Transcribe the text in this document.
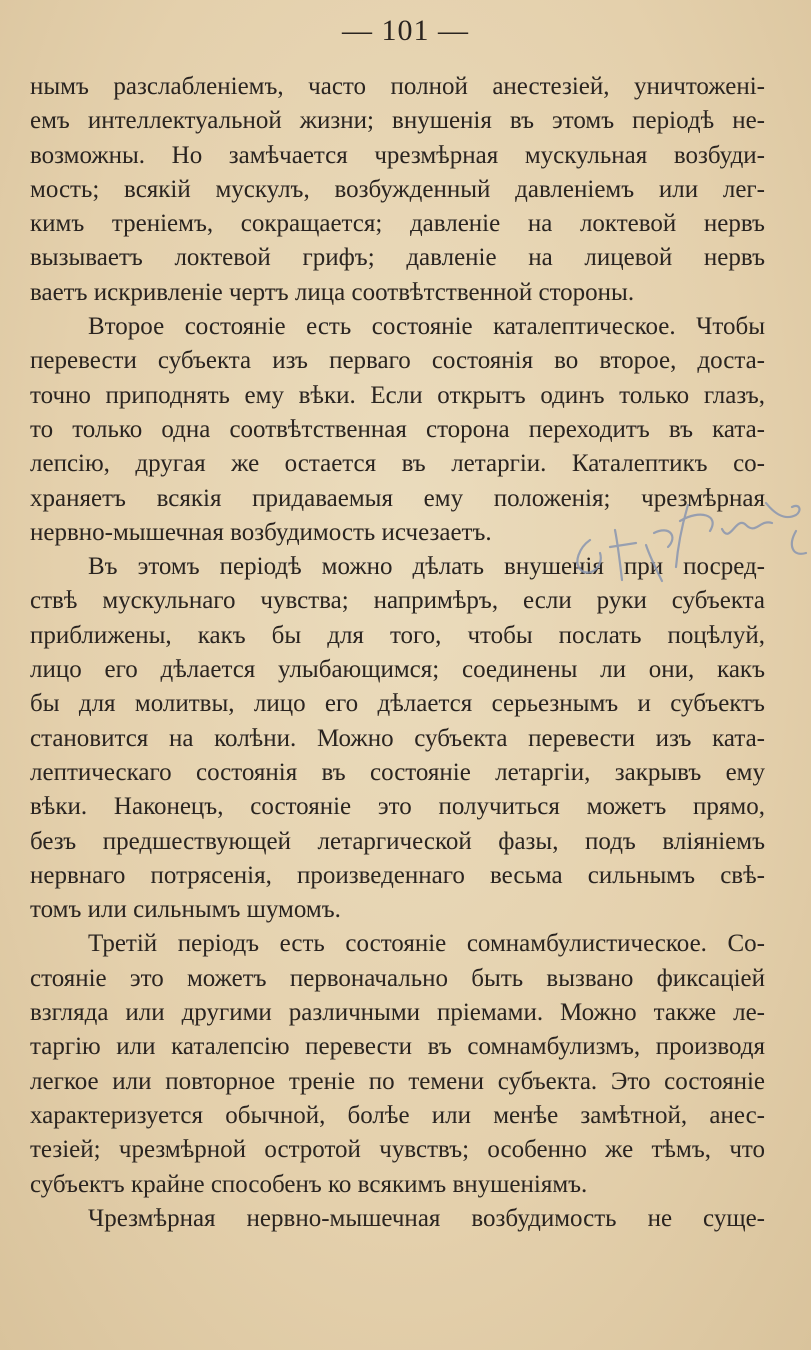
— 101 —
нымъ разслабленіемъ, часто полной анестезіей, уничтожені-
емъ интеллектуальной жизни; внушенія въ этомъ періодѣ не-
возможны. Но замѣчается чрезмѣрная мускульная возбуди-
мость; всякій мускулъ, возбужденный давленіемъ или лег-
кимъ треніемъ, сокращается; давленіе на локтевой нервъ
вызываетъ локтевой грифъ; давленіе на лицевой нервъ
ваетъ искривленіе чертъ лица соотвѣтственной стороны.
Второе состояніе есть состояніе каталептическое. Чтобы
перевести субъекта изъ перваго состоянія во второе, доста-
точно приподнять ему вѣки. Если открытъ одинъ только глазъ,
то только одна соотвѣтственная сторона переходитъ въ ката-
лепсію, другая же остается въ летаргіи. Каталептикъ со-
храняетъ всякія придаваемыя ему положенія; чрезмѣрная
нервно-мышечная возбудимость исчезаетъ.
Въ этомъ періодѣ можно дѣлать внушенія при посред-
ствѣ мускульнаго чувства; напримѣръ, если руки субъекта
приближены, какъ бы для того, чтобы послать поцѣлуй,
лицо его дѣлается улыбающимся; соединены ли они, какъ
бы для молитвы, лицо его дѣлается серьезнымъ и субъектъ
становится на колѣни. Можно субъекта перевести изъ ката-
лептическаго состоянія въ состояніе летаргіи, закрывъ ему
вѣки. Наконецъ, состояніе это получиться можетъ прямо,
безъ предшествующей летаргической фазы, подъ вліяніемъ
нервнаго потрясенія, произведеннаго весьма сильнымъ свѣ-
томъ или сильнымъ шумомъ.
Третій періодъ есть состояніе сомнамбулистическое. Со-
стояніе это можетъ первоначально быть вызвано фиксаціей
взгляда или другими различными пріемами. Можно также ле-
таргію или каталепсію перевести въ сомнамбулизмъ, производя
легкое или повторное треніе по темени субъекта. Это состояніе
характеризуется обычной, болѣе или менѣе замѣтной, анес-
тезіей; чрезмѣрной остротой чувствъ; особенно же тѣмъ, что
субъектъ крайне способенъ ко всякимъ внушеніямъ.
Чрезмѣрная нервно-мышечная возбудимость не суще-
